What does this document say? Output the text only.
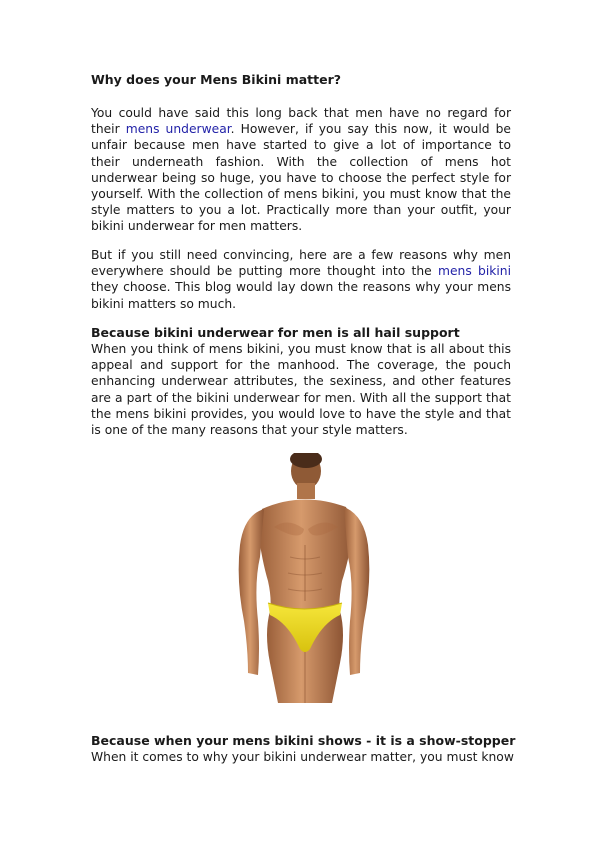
Why does your Mens Bikini matter?

You could have said this long back that men have no regard for their mens underwear. However, if you say this now, it would be unfair because men have started to give a lot of importance to their underneath fashion. With the collection of mens hot underwear being so huge, you have to choose the perfect style for yourself. With the collection of mens bikini, you must know that the style matters to you a lot. Practically more than your outfit, your bikini underwear for men matters.

But if you still need convincing, here are a few reasons why men everywhere should be putting more thought into the mens bikini they choose. This blog would lay down the reasons why your mens bikini matters so much.

Because bikini underwear for men is all hail support

When you think of mens bikini, you must know that is all about this appeal and support for the manhood. The coverage, the pouch enhancing underwear attributes, the sexiness, and other features are a part of the bikini underwear for men. With all the support that the mens bikini provides, you would love to have the style and that is one of the many reasons that your style matters.

Because when your mens bikini shows - it is a show-stopper

When it comes to why your bikini underwear matter, you must know
